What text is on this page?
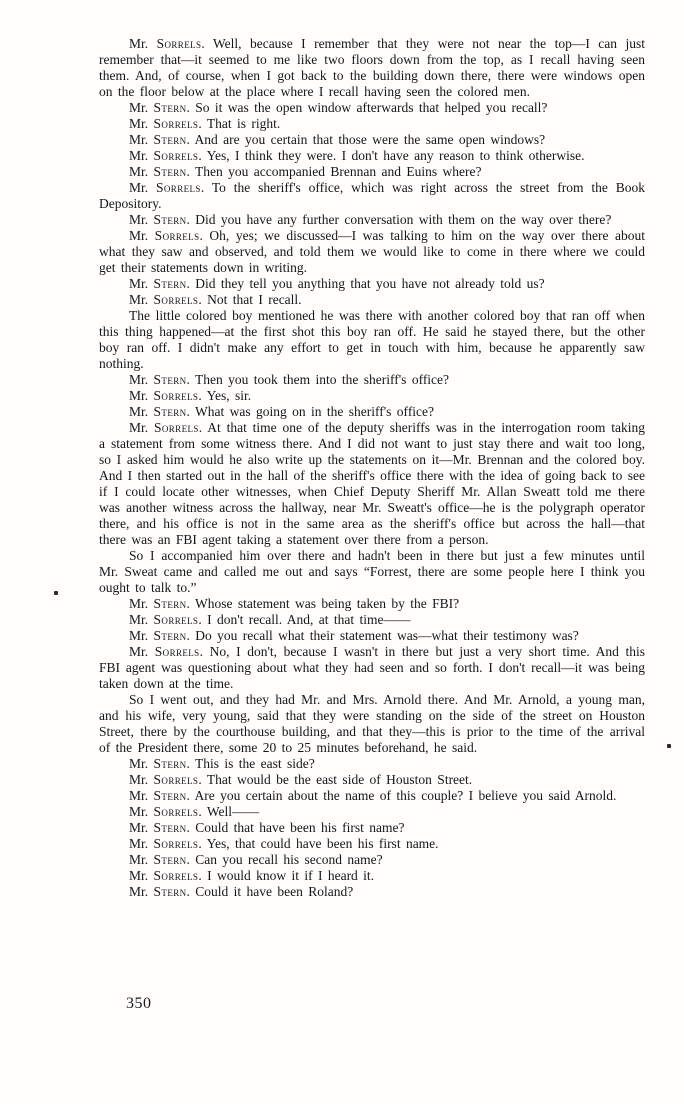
Mr. Sorrels. Well, because I remember that they were not near the top—I can just remember that—it seemed to me like two floors down from the top, as I recall having seen them. And, of course, when I got back to the building down there, there were windows open on the floor below at the place where I recall having seen the colored men.

Mr. Stern. So it was the open window afterwards that helped you recall?

Mr. Sorrels. That is right.

Mr. Stern. And are you certain that those were the same open windows?

Mr. Sorrels. Yes, I think they were. I don't have any reason to think otherwise.

Mr. Stern. Then you accompanied Brennan and Euins where?

Mr. Sorrels. To the sheriff's office, which was right across the street from the Book Depository.

Mr. Stern. Did you have any further conversation with them on the way over there?

Mr. Sorrels. Oh, yes; we discussed—I was talking to him on the way over there about what they saw and observed, and told them we would like to come in there where we could get their statements down in writing.

Mr. Stern. Did they tell you anything that you have not already told us?

Mr. Sorrels. Not that I recall.

The little colored boy mentioned he was there with another colored boy that ran off when this thing happened—at the first shot this boy ran off. He said he stayed there, but the other boy ran off. I didn't make any effort to get in touch with him, because he apparently saw nothing.

Mr. Stern. Then you took them into the sheriff's office?

Mr. Sorrels. Yes, sir.

Mr. Stern. What was going on in the sheriff's office?

Mr. Sorrels. At that time one of the deputy sheriffs was in the interrogation room taking a statement from some witness there. And I did not want to just stay there and wait too long, so I asked him would he also write up the statements on it—Mr. Brennan and the colored boy. And I then started out in the hall of the sheriff's office there with the idea of going back to see if I could locate other witnesses, when Chief Deputy Sheriff Mr. Allan Sweatt told me there was another witness across the hallway, near Mr. Sweatt's office—he is the polygraph operator there, and his office is not in the same area as the sheriff's office but across the hall—that there was an FBI agent taking a statement over there from a person.

So I accompanied him over there and hadn't been in there but just a few minutes until Mr. Sweat came and called me out and says “Forrest, there are some people here I think you ought to talk to.”

Mr. Stern. Whose statement was being taken by the FBI?

Mr. Sorrels. I don't recall. And, at that time——

Mr. Stern. Do you recall what their statement was—what their testimony was?

Mr. Sorrels. No, I don't, because I wasn't in there but just a very short time. And this FBI agent was questioning about what they had seen and so forth. I don't recall—it was being taken down at the time.

So I went out, and they had Mr. and Mrs. Arnold there. And Mr. Arnold, a young man, and his wife, very young, said that they were standing on the side of the street on Houston Street, there by the courthouse building, and that they—this is prior to the time of the arrival of the President there, some 20 to 25 minutes beforehand, he said.

Mr. Stern. This is the east side?

Mr. Sorrels. That would be the east side of Houston Street.

Mr. Stern. Are you certain about the name of this couple? I believe you said Arnold.

Mr. Sorrels. Well——

Mr. Stern. Could that have been his first name?

Mr. Sorrels. Yes, that could have been his first name.

Mr. Stern. Can you recall his second name?

Mr. Sorrels. I would know it if I heard it.

Mr. Stern. Could it have been Roland?

350
